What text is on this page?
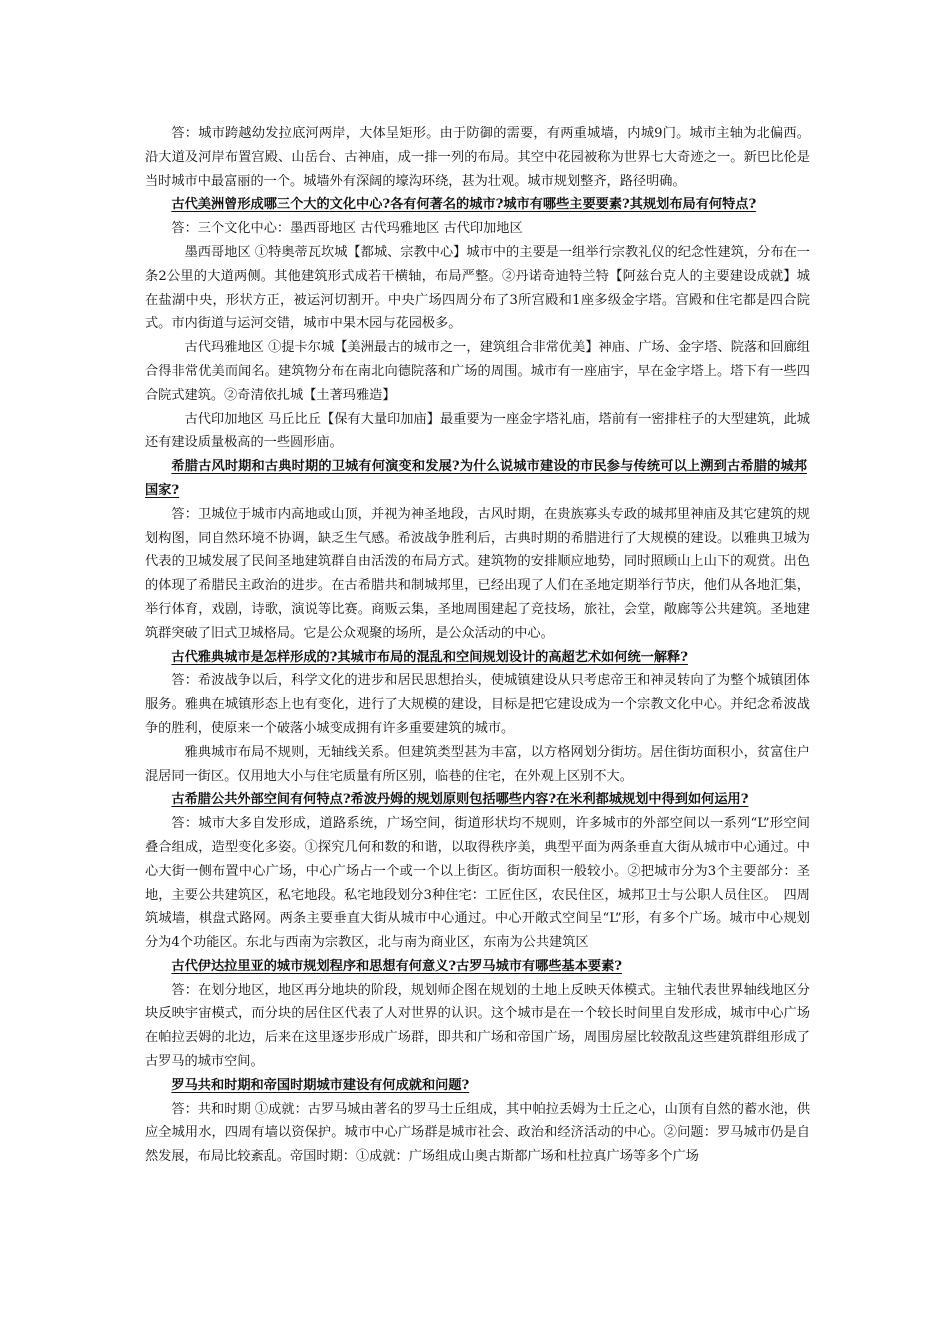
答：城市跨越幼发拉底河两岸，大体呈矩形。由于防御的需要，有两重城墙，内城9门。城市主轴为北偏西。沿大道及河岸布置宫殿、山岳台、古神庙，成一排一列的布局。其空中花园被称为世界七大奇迹之一。新巴比伦是当时城市中最富丽的一个。城墙外有深阔的壕沟环绕，甚为壮观。城市规划整齐，路径明确。

古代美洲曾形成哪三个大的文化中心?各有何著名的城市?城市有哪些主要要素?其规划布局有何特点?

答：三个文化中心：墨西哥地区 古代玛雅地区 古代印加地区

墨西哥地区 ①特奥蒂瓦坎城【都城、宗教中心】城市中的主要是一组举行宗教礼仪的纪念性建筑，分布在一条2公里的大道两侧。其他建筑形式成若干横轴，布局严整。②丹诺奇迪特兰特【阿兹台克人的主要建设成就】城在盐湖中央，形状方正，被运河切割开。中央广场四周分布了3所宫殿和1座多级金字塔。宫殿和住宅都是四合院式。市内街道与运河交错，城市中果木园与花园极多。

古代玛雅地区 ①提卡尔城【美洲最古的城市之一，建筑组合非常优美】神庙、广场、金字塔、院落和回廊组合得非常优美而闻名。建筑物分布在南北向德院落和广场的周围。城市有一座庙宇，早在金字塔上。塔下有一些四合院式建筑。②奇清依扎城【土著玛雅造】

古代印加地区 马丘比丘【保有大量印加庙】最重要为一座金字塔礼庙，塔前有一密排柱子的大型建筑，此城还有建设质量极高的一些圆形庙。

希腊古风时期和古典时期的卫城有何演变和发展?为什么说城市建设的市民参与传统可以上溯到古希腊的城邦国家?

答：卫城位于城市内高地或山顶，并视为神圣地段，古风时期，在贵族寡头专政的城邦里神庙及其它建筑的规划构图，同自然环境不协调，缺乏生气感。希波战争胜利后，古典时期的希腊进行了大规模的建设。以雅典卫城为代表的卫城发展了民间圣地建筑群自由活泼的布局方式。建筑物的安排顺应地势，同时照顾山上山下的观赏。出色的体现了希腊民主政治的进步。在古希腊共和制城邦里，已经出现了人们在圣地定期举行节庆，他们从各地汇集，举行体育，戏剧，诗歌，演说等比赛。商贩云集，圣地周围建起了竞技场，旅社，会堂，敞廊等公共建筑。圣地建筑群突破了旧式卫城格局。它是公众观聚的场所，是公众活动的中心。

古代雅典城市是怎样形成的?其城市布局的混乱和空间规划设计的高超艺术如何统一解释?

答：希波战争以后，科学文化的进步和居民思想抬头，使城镇建设从只考虑帝王和神灵转向了为整个城镇团体服务。雅典在城镇形态上也有变化，进行了大规模的建设，目标是把它建设成为一个宗教文化中心。并纪念希波战争的胜利，使原来一个破落小城变成拥有许多重要建筑的城市。

雅典城市布局不规则，无轴线关系。但建筑类型甚为丰富，以方格网划分街坊。居住街坊面积小，贫富住户混居同一街区。仅用地大小与住宅质量有所区别，临巷的住宅，在外观上区别不大。

古希腊公共外部空间有何特点?希波丹姆的规划原则包括哪些内容?在米利都城规划中得到如何运用?

答：城市大多自发形成，道路系统，广场空间，街道形状均不规则，许多城市的外部空间以一系列“L”形空间叠合组成，造型变化多姿。①探究几何和数的和谐，以取得秩序美，典型平面为两条垂直大街从城市中心通过。中心大街一侧布置中心广场，中心广场占一个或一个以上街区。街坊面积一般较小。②把城市分为3个主要部分：圣地，主要公共建筑区，私宅地段。私宅地段划分3种住宅：工匠住区，农民住区，城邦卫士与公职人员住区。　四周筑城墙，棋盘式路网。两条主要垂直大街从城市中心通过。中心开敞式空间呈“L”形，有多个广场。城市中心规划分为4个功能区。东北与西南为宗教区，北与南为商业区，东南为公共建筑区

古代伊达拉里亚的城市规划程序和思想有何意义?古罗马城市有哪些基本要素?

答：在划分地区，地区再分地块的阶段，规划师企图在规划的土地上反映天体模式。主轴代表世界轴线地区分块反映宇宙模式，而分块的居住区代表了人对世界的认识。这个城市是在一个较长时间里自发形成，城市中心广场在帕拉丟姆的北边，后来在这里逐步形成广场群，即共和广场和帝国广场，周围房屋比较散乱这些建筑群组形成了古罗马的城市空间。

罗马共和时期和帝国时期城市建设有何成就和问题?

答：共和时期 ①成就：古罗马城由著名的罗马士丘组成，其中帕拉丢姆为士丘之心，山顶有自然的蓄水池，供应全城用水，四周有墙以资保护。城市中心广场群是城市社会、政治和经济活动的中心。②问题：罗马城市仍是自然发展，布局比较紊乱。帝国时期：①成就：广场组成山奥古斯都广场和杜拉真广场等多个广场
